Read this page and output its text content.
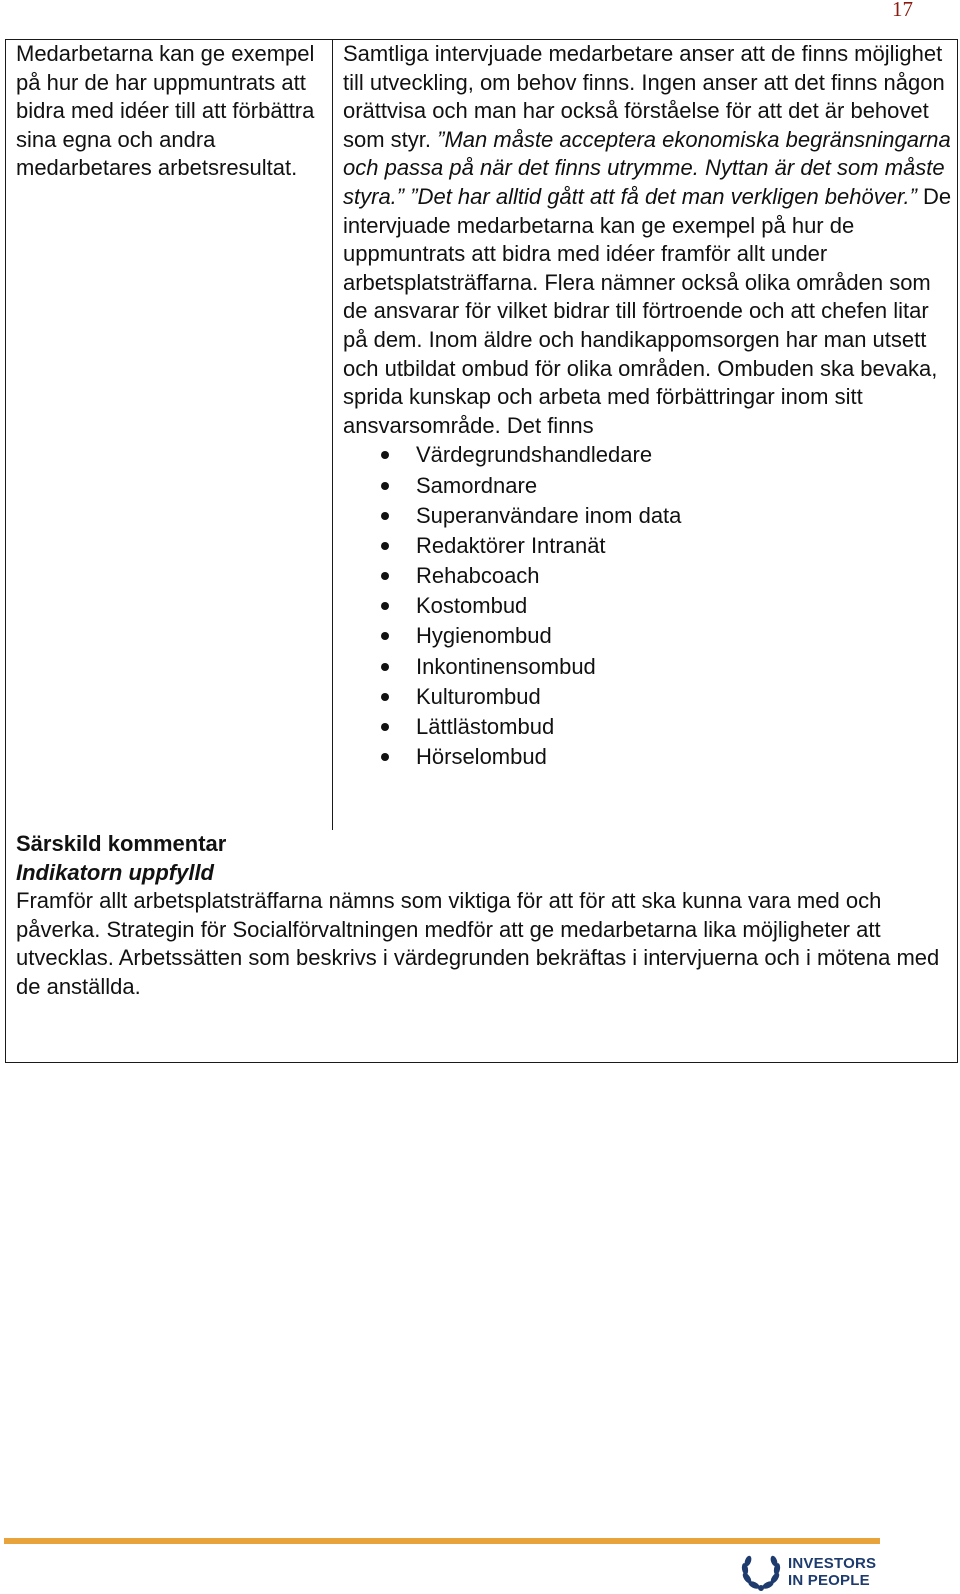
17
Medarbetarna kan ge exempel på hur de har uppmuntrats att bidra med idéer till att förbättra sina egna och andra medarbetares arbetsresultat.

Samtliga intervjuade medarbetare anser att de finns möjlighet till utveckling, om behov finns. Ingen anser att det finns någon orättvisa och man har också förståelse för att det är behovet som styr. ”Man måste acceptera ekonomiska begränsningarna och passa på när det finns utrymme. Nyttan är det som måste styra.” ”Det har alltid gått att få det man verkligen behöver.” De intervjuade medarbetarna kan ge exempel på hur de uppmuntrats att bidra med idéer framför allt under arbetsplatsträffarna. Flera nämner också olika områden som de ansvarar för vilket bidrar till förtroende och att chefen litar på dem. Inom äldre och handikappomsorgen har man utsett och utbildat ombud för olika områden. Ombuden ska bevaka, sprida kunskap och arbeta med förbättringar inom sitt ansvarsområde. Det finns

Värdegrundshandledare
Samordnare
Superanvändare inom data
Redaktörer Intranät
Rehabcoach
Kostombud
Hygienombud
Inkontinensombud
Kulturombud
Lättlästombud
Hörselombud
Särskild kommentar
Indikatorn uppfylld

Framför allt arbetsplatsträffarna nämns som viktiga för att för att ska kunna vara med och påverka. Strategin för Socialförvaltningen medför att ge medarbetarna lika möjligheter att utvecklas. Arbetssätten som beskrivs i värdegrunden bekräftas i intervjuerna och i mötena med de anställda.

INVESTORS
IN PEOPLE
